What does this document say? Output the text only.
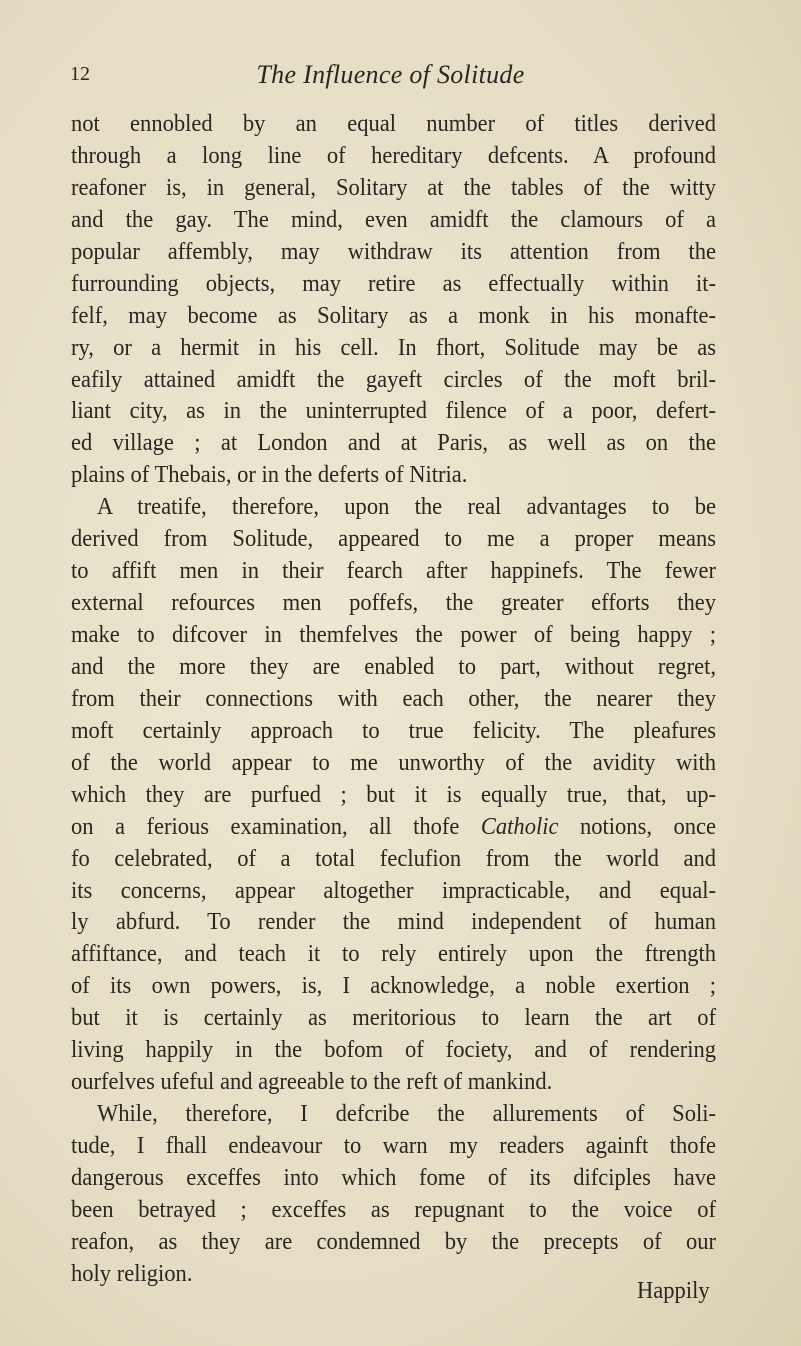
12	The Influence of Solitude
not ennobled by an equal number of titles derived
through a long line of hereditary defcents. A profound
reafoner is, in general, Solitary at the tables of the witty
and the gay. The mind, even amidft the clamours of a
popular affembly, may withdraw its attention from the
furrounding objects, may retire as effectually within it-
felf, may become as Solitary as a monk in his monafte-
ry, or a hermit in his cell. In fhort, Solitude may be as
eafily attained amidft the gayeft circles of the moft bril-
liant city, as in the uninterrupted filence of a poor, defert-
ed village ; at London and at Paris, as well as on the
plains of Thebais, or in the deferts of Nitria.
A treatife, therefore, upon the real advantages to be
derived from Solitude, appeared to me a proper means
to affift men in their fearch after happinefs. The fewer
external refources men poffefs, the greater efforts they
make to difcover in themfelves the power of being happy ;
and the more they are enabled to part, without regret,
from their connections with each other, the nearer they
moft certainly approach to true felicity. The pleafures
of the world appear to me unworthy of the avidity with
which they are purfued ; but it is equally true, that, up-
on a ferious examination, all thofe Catholic notions, once
fo celebrated, of a total feclufion from the world and
its concerns, appear altogether impracticable, and equal-
ly abfurd. To render the mind independent of human
affiftance, and teach it to rely entirely upon the ftrength
of its own powers, is, I acknowledge, a noble exertion ;
but it is certainly as meritorious to learn the art of
living happily in the bofom of fociety, and of rendering
ourfelves ufeful and agreeable to the reft of mankind.
While, therefore, I defcribe the allurements of Soli-
tude, I fhall endeavour to warn my readers againft thofe
dangerous exceffes into which fome of its difciples have
been betrayed ; exceffes as repugnant to the voice of
reafon, as they are condemned by the precepts of our
holy religion.
Happily
